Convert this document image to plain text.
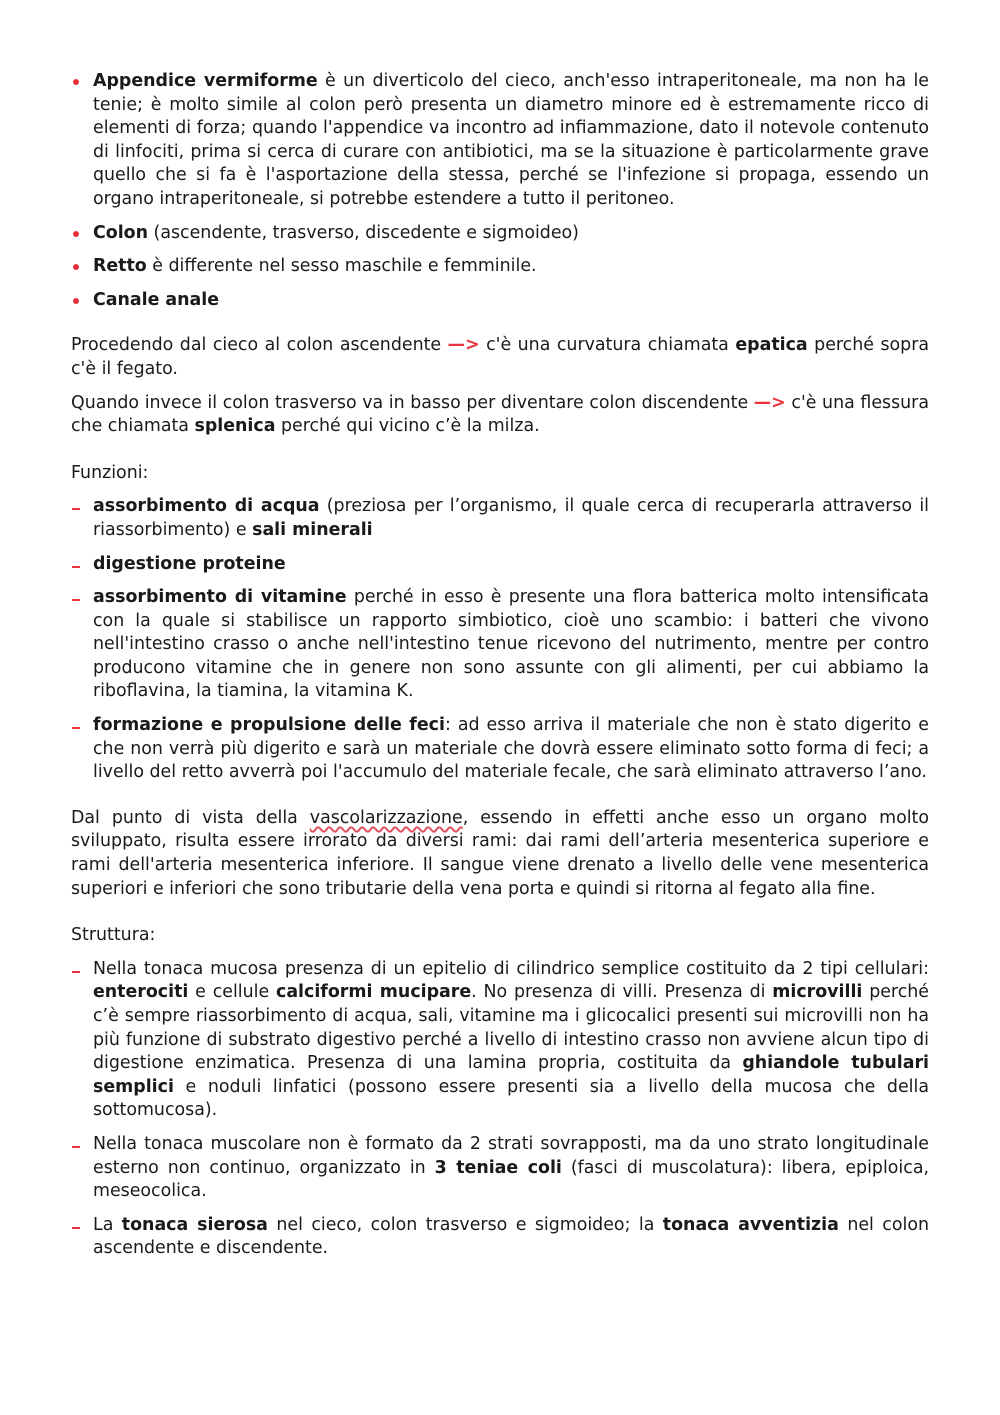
Appendice vermiforme è un diverticolo del cieco, anch'esso intraperitoneale, ma non ha le tenie; è molto simile al colon però presenta un diametro minore ed è estremamente ricco di elementi di forza; quando l'appendice va incontro ad infiammazione, dato il notevole contenuto di linfociti, prima si cerca di curare con antibiotici, ma se la situazione è particolarmente grave quello che si fa è l'asportazione della stessa, perché se l'infezione si propaga, essendo un organo intraperitoneale, si potrebbe estendere a tutto il peritoneo.
Colon (ascendente, trasverso, discedente e sigmoideo)
Retto è differente nel sesso maschile e femminile.
Canale anale

Procedendo dal cieco al colon ascendente —> c'è una curvatura chiamata epatica perché sopra c'è il fegato.

Quando invece il colon trasverso va in basso per diventare colon discendente —> c'è una flessura che chiamata splenica perché qui vicino c’è la milza.

Funzioni:

assorbimento di acqua (preziosa per l’organismo, il quale cerca di recuperarla attraverso il riassorbimento) e sali minerali
digestione proteine
assorbimento di vitamine perché in esso è presente una flora batterica molto intensificata con la quale si stabilisce un rapporto simbiotico, cioè uno scambio: i batteri che vivono nell'intestino crasso o anche nell'intestino tenue ricevono del nutrimento, mentre per contro producono vitamine che in genere non sono assunte con gli alimenti, per cui abbiamo la riboflavina, la tiamina, la vitamina K.
formazione e propulsione delle feci: ad esso arriva il materiale che non è stato digerito e che non verrà più digerito e sarà un materiale che dovrà essere eliminato sotto forma di feci; a livello del retto avverrà poi l'accumulo del materiale fecale, che sarà eliminato attraverso l’ano.

Dal punto di vista della vascolarizzazione, essendo in effetti anche esso un organo molto sviluppato, risulta essere irrorato da diversi rami: dai rami dell’arteria mesenterica superiore e rami dell'arteria mesenterica inferiore. Il sangue viene drenato a livello delle vene mesenterica superiori e inferiori che sono tributarie della vena porta e quindi si ritorna al fegato alla fine.

Struttura:

Nella tonaca mucosa presenza di un epitelio di cilindrico semplice costituito da 2 tipi cellulari: enterociti e cellule calciformi mucipare. No presenza di villi. Presenza di microvilli perché c’è sempre riassorbimento di acqua, sali, vitamine ma i glicocalici presenti sui microvilli non ha più funzione di substrato digestivo perché a livello di intestino crasso non avviene alcun tipo di digestione enzimatica. Presenza di una lamina propria, costituita da ghiandole tubulari semplici e noduli linfatici (possono essere presenti sia a livello della mucosa che della sottomucosa).
Nella tonaca muscolare non è formato da 2 strati sovrapposti, ma da uno strato longitudinale esterno non continuo, organizzato in 3 teniae coli (fasci di muscolatura): libera, epiploica, meseocolica.
La tonaca sierosa nel cieco, colon trasverso e sigmoideo; la tonaca avventizia nel colon ascendente e discendente.
